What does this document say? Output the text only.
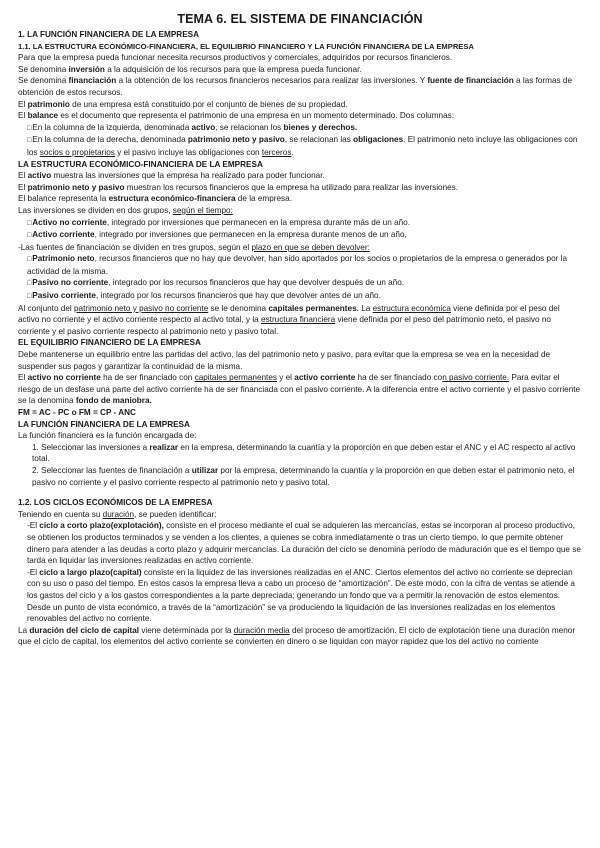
TEMA 6. EL SISTEMA DE FINANCIACIÓN

1. LA FUNCIÓN FINANCIERA DE LA EMPRESA

1.1. LA ESTRUCTURA ECONÓMICO-FINANCIERA, EL EQUILIBRIO FINANCIERO Y LA FUNCIÓN FINANCIERA DE LA EMPRESA

Para que la empresa pueda funcionar necesita recursos productivos y comerciales, adquiridos por recursos financieros.

Se denomina inversión a la adquisición de los recursos para que la empresa pueda funcionar.

Se denomina financiación a la obtención de los recursos financieros necesarios para realizar las inversiones. Y fuente de financiación a las formas de obtención de estos recursos.

El patrimonio de una empresa está constituido por el conjunto de bienes de su propiedad.

El balance es el documento que representa el patrimonio de una empresa en un momento determinado. Dos columnas:

□ En la columna de la izquierda, denominada activo, se relacionan los bienes y derechos.

□ En la columna de la derecha, denominada patrimonio neto y pasivo, se relacionan las obligaciones. El patrimonio neto incluye las obligaciones con los socios o propietarios y el pasivo incluye las obligaciones con terceros.

LA ESTRUCTURA ECONÓMICO-FINANCIERA DE LA EMPRESA

El activo muestra las inversiones que la empresa ha realizado para poder funcionar.

El patrimonio neto y pasivo muestran los recursos financieros que la empresa ha utilizado para realizar las inversiones.

El balance representa la estructura económico-financiera de la empresa.

Las inversiones se dividen en dos grupos, según el tiempo:

□ Activo no corriente, integrado por inversiones que permanecen en la empresa durante más de un año.

□ Activo corriente, integrado por inversiones que permanecen en la empresa durante menos de un año,

-Las fuentes de financiación se dividen en tres grupos, según el plazo en que se deben devolver:

□ Patrimonio neto, recursos financieros que no hay que devolver, han sido aportados por los socios o propietarios de la empresa o generados por la actividad de la misma.

□ Pasivo no corriente, integrado por los recursos financieros que hay que devolver después de un año.

□ Pasivo corriente, integrado por los recursos financieros que hay que devolver antes de un año.

Al conjunto del patrimonio neto y pasivo no corriente se le denomina capitales permanentes. La estructura económica viene definida por el peso del activo no corriente y el activo corriente respecto al activo total, y la estructura financiera viene definida por el peso del patrimonio neto, el pasivo no corriente y el pasivo corriente respecto al patrimonio neto y pasivo total.

EL EQUILIBRIO FINANCIERO DE LA EMPRESA

Debe mantenerse un equilibrio entre las partidas del activo, las del patrimonio neto y pasivo, para evitar que la empresa se vea en la necesidad de suspender sus pagos y garantizar la continuidad de la misma.

El activo no corriente ha de ser financiado con capitales permanentes y el activo corriente ha de ser financiado con pasivo corriente. Para evitar el riesgo de un desfase una parte del activo corriente ha de ser financiada con el pasivo corriente. A la diferencia entre el activo corriente y el pasivo corriente se la denomina fondo de maniobra.

FM = AC - PC o FM = CP - ANC

LA FUNCIÓN FINANCIERA DE LA EMPRESA

La función financiera es la función encargada de:

1. Seleccionar las inversiones a realizar en la empresa, determinando la cuantía y la proporción en que deben estar el ANC y el AC respecto al activo total.

2. Seleccionar las fuentes de financiación a utilizar por la empresa, determinando la cuantía y la proporción en que deben estar el patrimonio neto, el pasivo no corriente y el pasivo corriente respecto al patrimonio neto y pasivo total.

1.2. LOS CICLOS ECONÓMICOS DE LA EMPRESA

Teniendo en cuenta su duración, se pueden identificar:

-El ciclo a corto plazo(explotación), consiste en el proceso mediante el cual se adquieren las mercancías, estas se incorporan al proceso productivo, se obtienen los productos terminados y se venden a los clientes, a quienes se cobra inmediatamente o tras un cierto tiempo, lo que permite obtener dinero para atender a las deudas a corto plazo y adquirir mercancías. La duración del ciclo se denomina período de maduración que es el tiempo que se tarda en liquidar las inversiones realizadas en activo corriente.

-El ciclo a largo plazo(capital) consiste en la liquidez de las inversiones realizadas en el ANC. Ciertos elementos del activo no corriente se deprecian con su uso o paso del tiempo. En estos casos la empresa lleva a cabo un proceso de “amortización”. De este modo, con la cifra de ventas se atiende a los gastos del ciclo y a los gastos correspondientes a la parte depreciada; generando un fondo que va a permitir la renovación de estos elementos. Desde un punto de vista económico, a través de la “amortización” se va produciendo la liquidación de las inversiones realizadas en los elementos renovables del activo no corriente.

La duración del ciclo de capital viene determinada por la duración media del proceso de amortización. El ciclo de explotación tiene una duración menor que el ciclo de capital, los elementos del activo corriente se convierten en dinero o se liquidan con mayor rapidez que los del activo no corriente
